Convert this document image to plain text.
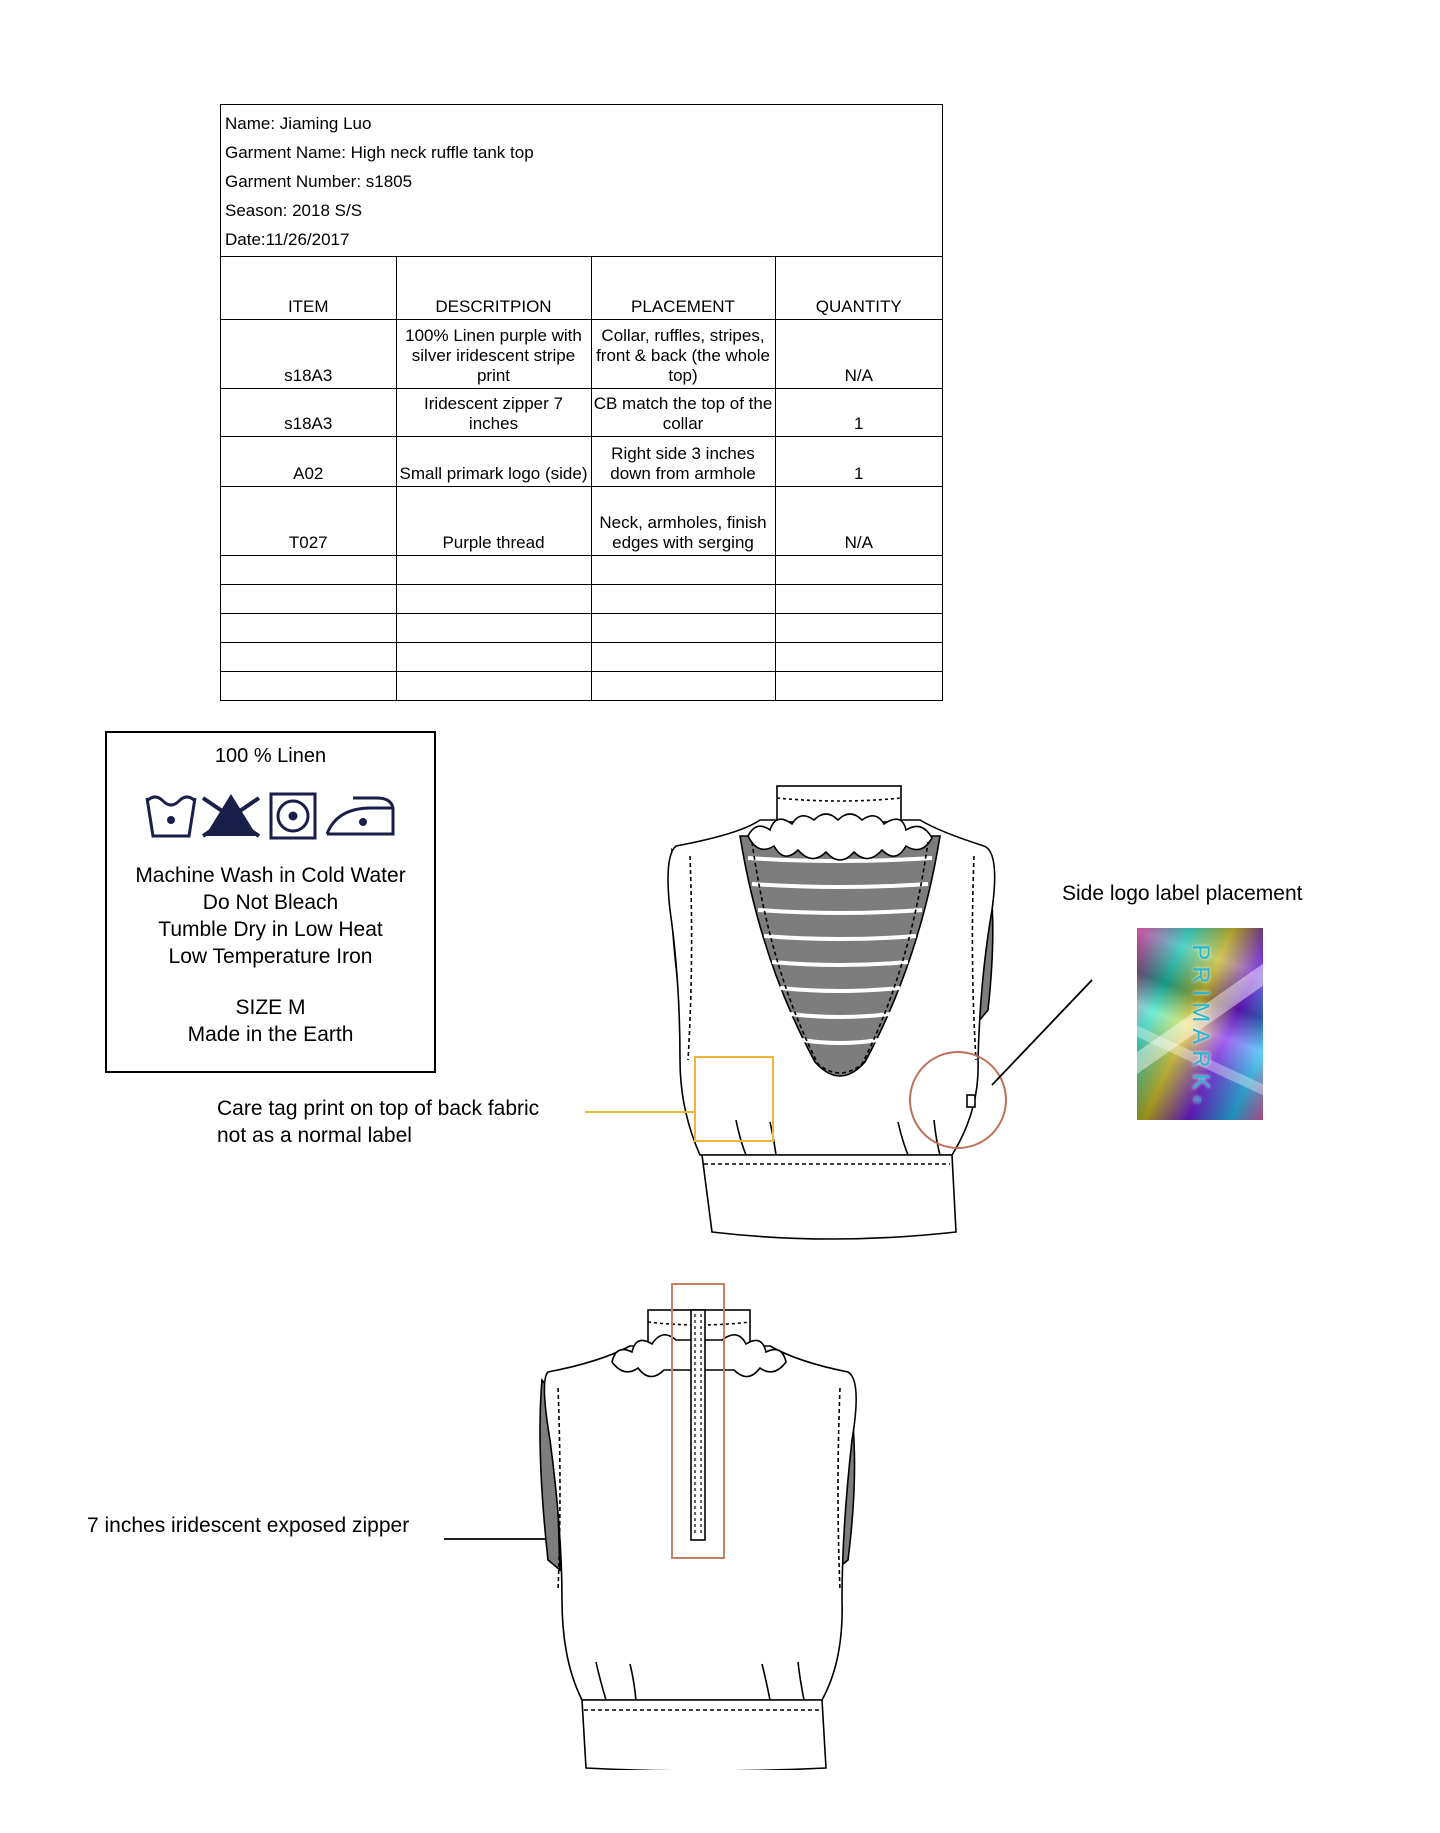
Name: Jiaming Luo
Garment Name: High neck ruffle tank top
Garment Number: s1805
Season: 2018 S/S
Date:11/26/2017
ITEM	DESCRITPION	PLACEMENT	QUANTITY
s18A3	100% Linen purple with silver iridescent stripe print	Collar, ruffles, stripes, front & back (the whole top)	N/A
s18A3	Iridescent zipper 7 inches	CB match the top of the collar	1
A02	Small primark logo (side)	Right side 3 inches down from armhole	1
T027	Purple thread	Neck, armholes, finish edges with serging	N/A

100 % Linen
Machine Wash in Cold Water
Do Not Bleach
Tumble Dry in Low Heat
Low Temperature Iron
SIZE M
Made in the Earth
Side logo label placement
Care tag print on top of back fabric
not as a normal label
7 inches iridescent exposed zipper
PRIMARK®
